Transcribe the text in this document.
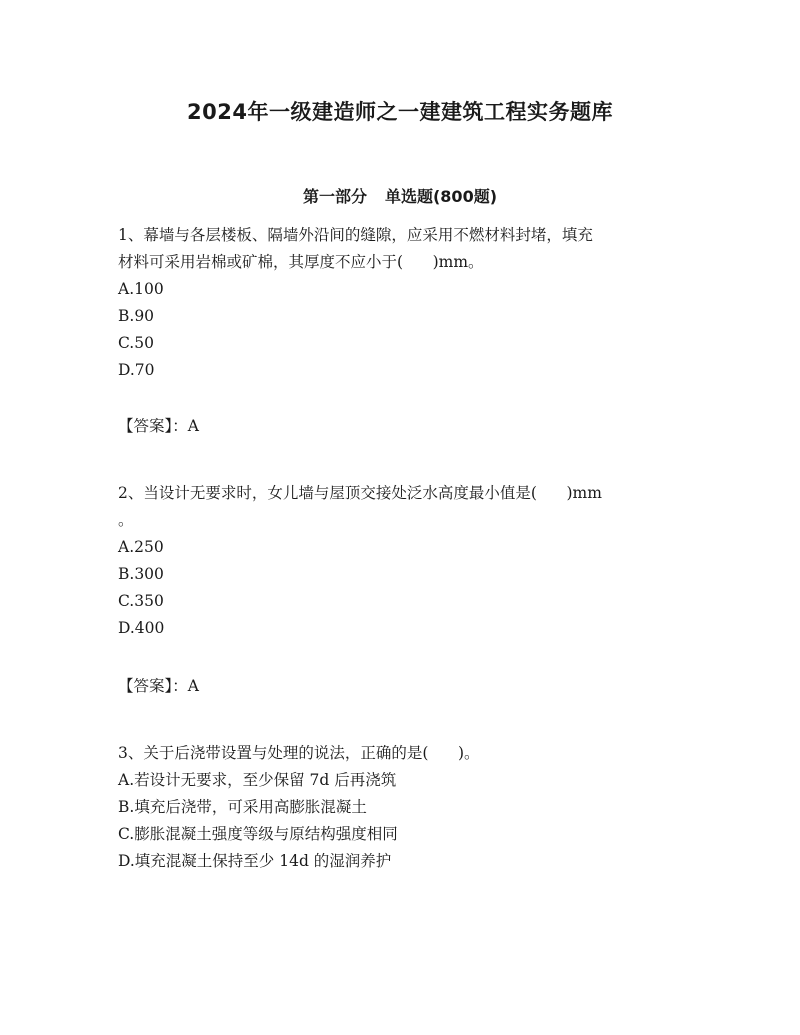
2024年一级建造师之一建建筑工程实务题库
第一部分 单选题(800题)
1、幕墙与各层楼板、隔墙外沿间的缝隙，应采用不燃材料封堵，填充
材料可采用岩棉或矿棉，其厚度不应小于(      )mm。
A.100
B.90
C.50
D.70
【答案】：A
2、当设计无要求时，女儿墙与屋顶交接处泛水高度最小值是(      )mm
。
A.250
B.300
C.350
D.400
【答案】：A
3、关于后浇带设置与处理的说法，正确的是(      )。
A.若设计无要求，至少保留 7d 后再浇筑
B.填充后浇带，可采用高膨胀混凝土
C.膨胀混凝土强度等级与原结构强度相同
D.填充混凝土保持至少 14d 的湿润养护
